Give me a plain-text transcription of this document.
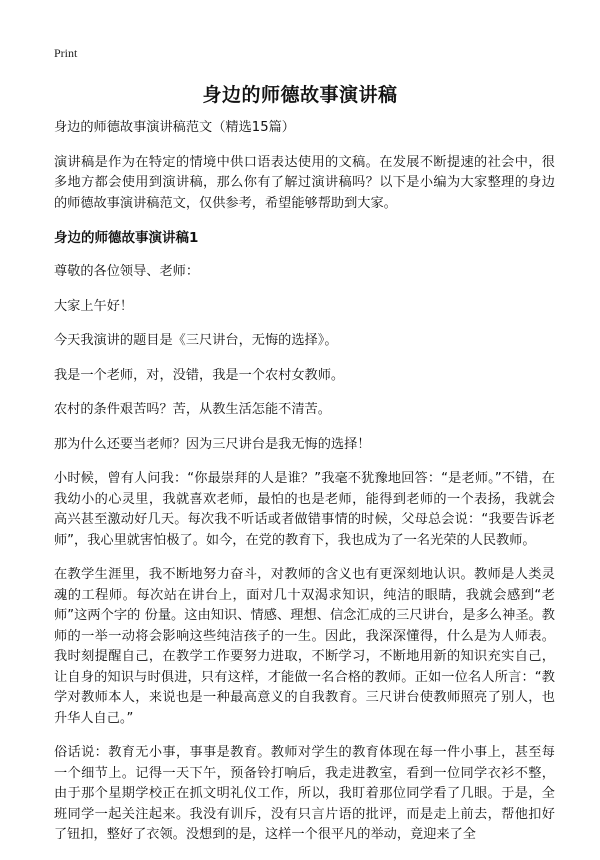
Print
身边的师德故事演讲稿

身边的师德故事演讲稿范文（精选15篇）

演讲稿是作为在特定的情境中供口语表达使用的文稿。在发展不断提速的社会中，很多地方都会使用到演讲稿，那么你有了解过演讲稿吗？以下是小编为大家整理的身边的师德故事演讲稿范文，仅供参考，希望能够帮助到大家。

身边的师德故事演讲稿1

尊敬的各位领导、老师：

大家上午好！

今天我演讲的题目是《三尺讲台，无悔的选择》。

我是一个老师，对，没错，我是一个农村女教师。

农村的条件艰苦吗？苦，从教生活怎能不清苦。

那为什么还要当老师？因为三尺讲台是我无悔的选择！

小时候，曾有人问我：“你最崇拜的人是谁？”我毫不犹豫地回答：“是老师。”不错，在我幼小的心灵里，我就喜欢老师，最怕的也是老师，能得到老师的一个表扬，我就会高兴甚至激动好几天。每次我不听话或者做错事情的时候，父母总会说：“我要告诉老师”，我心里就害怕极了。如今，在党的教育下，我也成为了一名光荣的人民教师。

在教学生涯里，我不断地努力奋斗，对教师的含义也有更深刻地认识。教师是人类灵魂的工程师。每次站在讲台上，面对几十双渴求知识，纯洁的眼睛，我就会感到“老师”这两个字的 份量。这由知识、情感、理想、信念汇成的三尺讲台，是多么神圣。教师的一举一动将会影响这些纯洁孩子的一生。因此，我深深懂得，什么是为人师表。我时刻提醒自己，在教学工作要努力进取，不断学习，不断地用新的知识充实自己，让自身的知识与时俱进，只有这样，才能做一名合格的教师。正如一位名人所言：“教学对教师本人，来说也是一种最高意义的自我教育。三尺讲台使教师照亮了别人，也升华人自己。”

俗话说：教育无小事，事事是教育。教师对学生的教育体现在每一件小事上，甚至每一个细节上。记得一天下午，预备铃打响后，我走进教室，看到一位同学衣衫不整，由于那个星期学校正在抓文明礼仪工作，所以，我盯着那位同学看了几眼。于是，全班同学一起关注起来。我没有训斥，没有只言片语的批评，而是走上前去，帮他扣好了钮扣，整好了衣领。没想到的是，这样一个很平凡的举动，竟迎来了全
